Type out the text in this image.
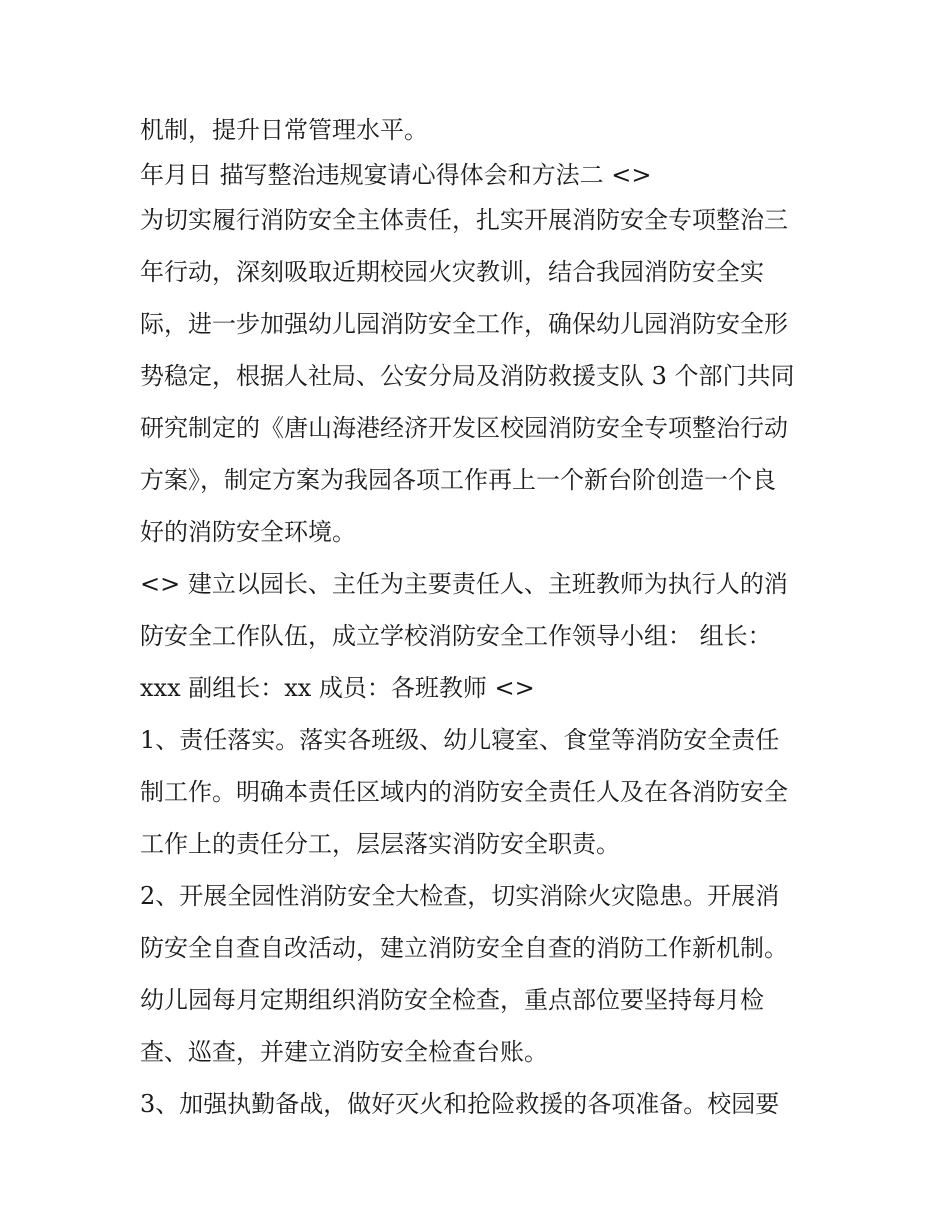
机制，提升日常管理水平。
年月日 描写整治违规宴请心得体会和方法二 <>
为切实履行消防安全主体责任，扎实开展消防安全专项整治三
年行动，深刻吸取近期校园火灾教训，结合我园消防安全实
际，进一步加强幼儿园消防安全工作，确保幼儿园消防安全形
势稳定，根据人社局、公安分局及消防救援支队 3 个部门共同
研究制定的《唐山海港经济开发区校园消防安全专项整治行动
方案》，制定方案为我园各项工作再上一个新台阶创造一个良
好的消防安全环境。
<> 建立以园长、主任为主要责任人、主班教师为执行人的消
防安全工作队伍，成立学校消防安全工作领导小组： 组长：
xxx 副组长：xx 成员：各班教师 <>
1、责任落实。落实各班级、幼儿寝室、食堂等消防安全责任
制工作。明确本责任区域内的消防安全责任人及在各消防安全
工作上的责任分工，层层落实消防安全职责。
2、开展全园性消防安全大检查，切实消除火灾隐患。开展消
防安全自查自改活动，建立消防安全自查的消防工作新机制。
幼儿园每月定期组织消防安全检查，重点部位要坚持每月检
查、巡查，并建立消防安全检查台账。
3、加强执勤备战，做好灭火和抢险救援的各项准备。校园要
